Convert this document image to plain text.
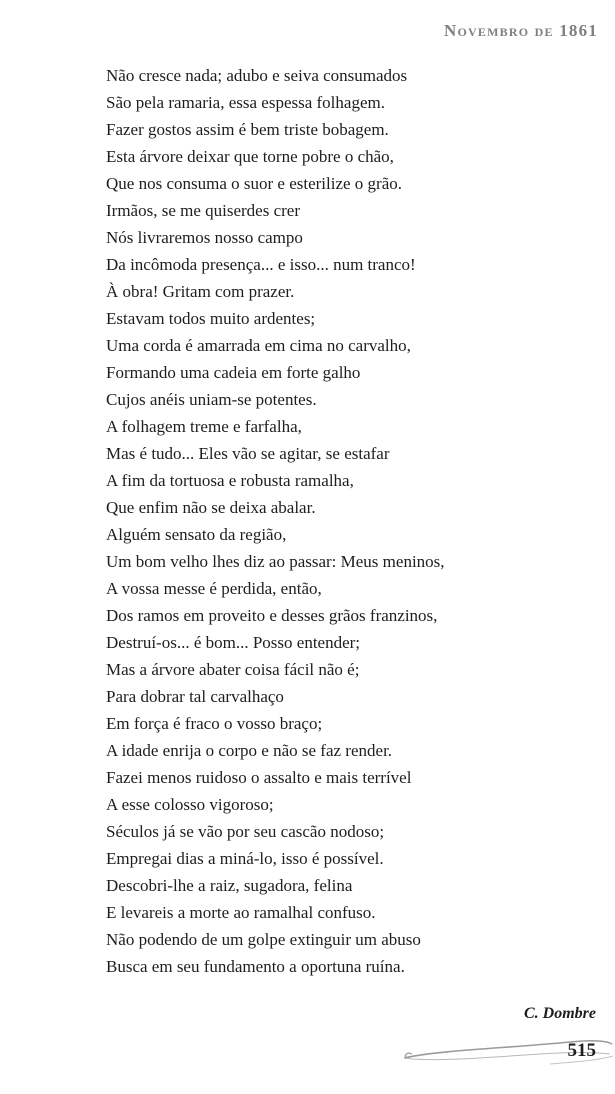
Novembro de 1861
Não cresce nada; adubo e seiva consumados
São pela ramaria, essa espessa folhagem.
Fazer gostos assim é bem triste bobagem.
Esta árvore deixar que torne pobre o chão,
Que nos consuma o suor e esterilize o grão.
Irmãos, se me quiserdes crer
Nós livraremos nosso campo
Da incômoda presença... e isso... num tranco!
À obra! Gritam com prazer.
Estavam todos muito ardentes;
Uma corda é amarrada em cima no carvalho,
Formando uma cadeia em forte galho
Cujos anéis uniam-se potentes.
A folhagem treme e farfalha,
Mas é tudo... Eles vão se agitar, se estafar
A fim da tortuosa e robusta ramalha,
Que enfim não se deixa abalar.
Alguém sensato da região,
Um bom velho lhes diz ao passar: Meus meninos,
A vossa messe é perdida, então,
Dos ramos em proveito e desses grãos franzinos,
Destruí-os... é bom... Posso entender;
Mas a árvore abater coisa fácil não é;
Para dobrar tal carvalhaço
Em força é fraco o vosso braço;
A idade enrija o corpo e não se faz render.
Fazei menos ruidoso o assalto e mais terrível
A esse colosso vigoroso;
Séculos já se vão por seu cascão nodoso;
Empregai dias a miná-lo, isso é possível.
Descobri-lhe a raiz, sugadora, felina
E levareis a morte ao ramalhal confuso.
Não podendo de um golpe extinguir um abuso
Busca em seu fundamento a oportuna ruína.
C. Dombre
515
